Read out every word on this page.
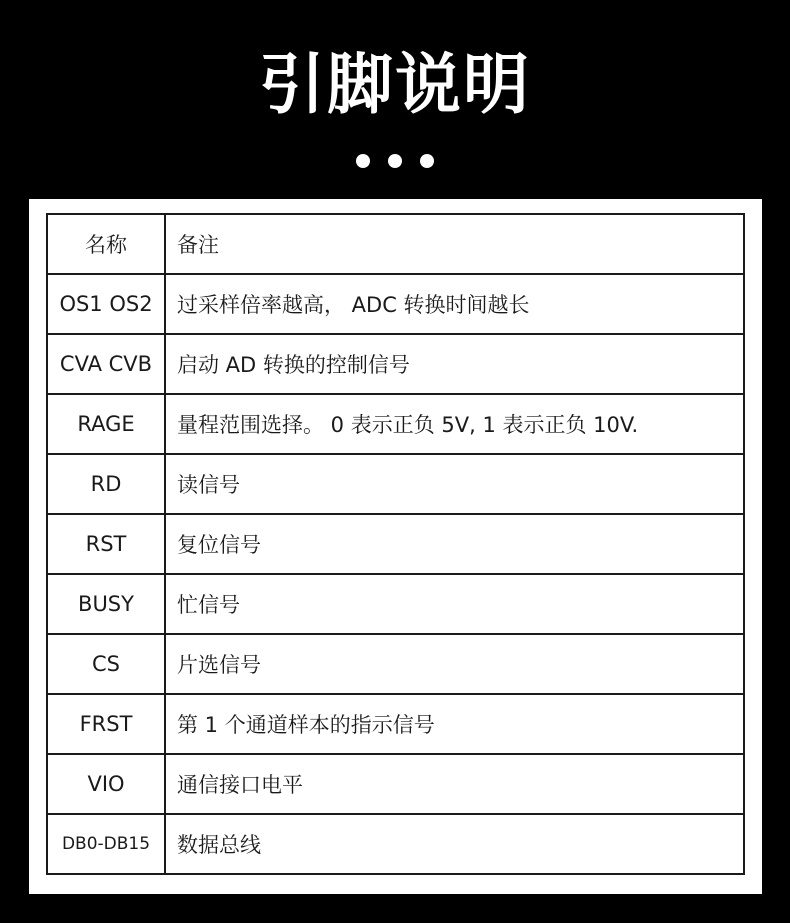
引脚说明
名称	备注
OS1 OS2	过采样倍率越高， ADC 转换时间越长
CVA CVB	启动 AD 转换的控制信号
RAGE	量程范围选择。 0 表示正负 5V, 1 表示正负 10V.
RD	读信号
RST	复位信号
BUSY	忙信号
CS	片选信号
FRST	第 1 个通道样本的指示信号
VIO	通信接口电平
DB0-DB15	数据总线
